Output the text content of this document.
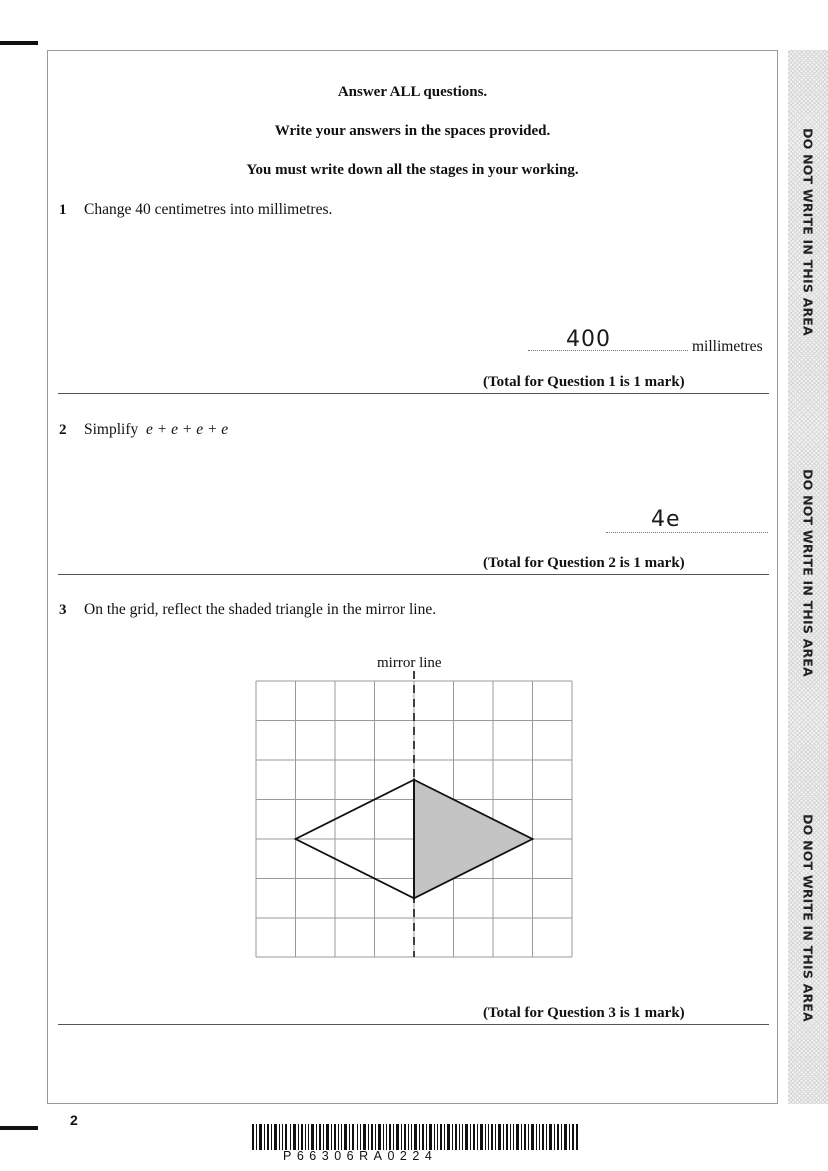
DO NOT WRITE IN THIS AREA
DO NOT WRITE IN THIS AREA
DO NOT WRITE IN THIS AREA
Answer ALL questions.
Write your answers in the spaces provided.
You must write down all the stages in your working.
1 Change 40 centimetres into millimetres.
400	millimetres
(Total for Question 1 is 1 mark)
2 Simplify e + e + e + e
4e
(Total for Question 2 is 1 mark)
3 On the grid, reflect the shaded triangle in the mirror line.
mirror line
(Total for Question 3 is 1 mark)
2
P66306RA0224
